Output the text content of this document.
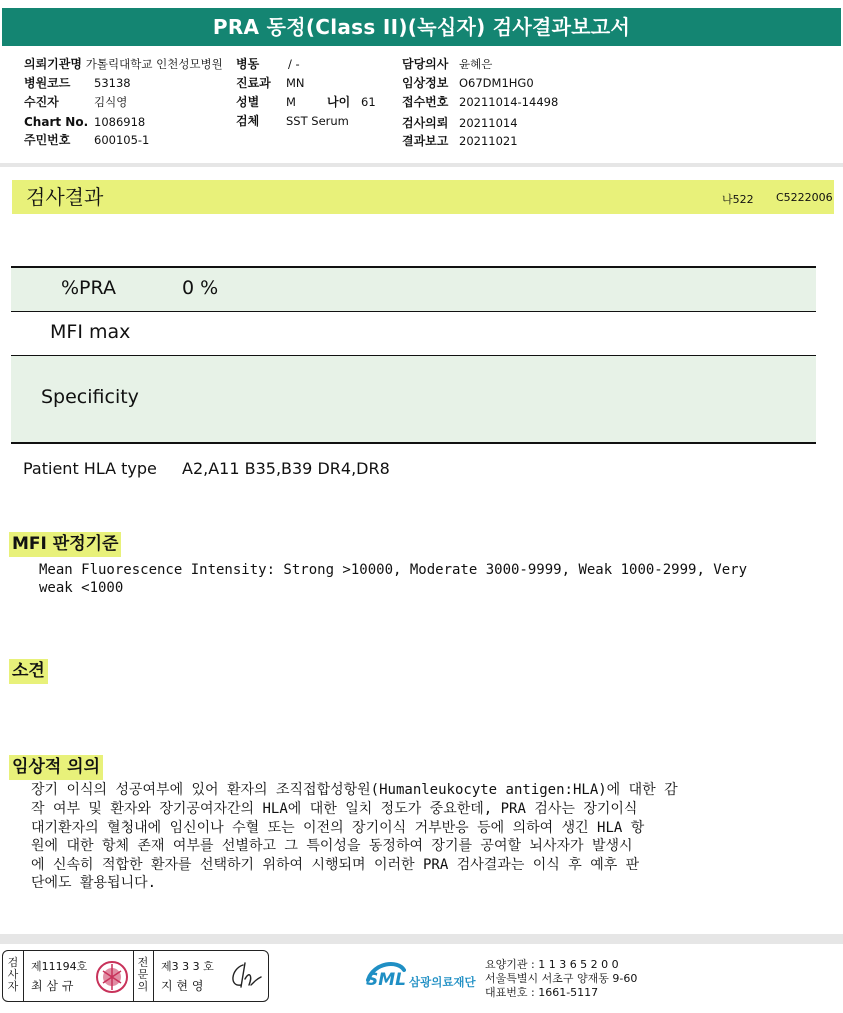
PRA 동정(Class II)(녹십자) 검사결과보고서
의뢰기관명 가톨릭대학교 인천성모병원
병원코드 53138
수진자	김식영
Chart No. 1086918
주민번호 600105-1
병동	/ -
진료과 MN
성별 M	나이 61
검체 SST Serum
담당의사 윤혜은
임상정보 O67DM1HG0
접수번호 20211014-14498
검사의뢰 20211014
결과보고 20211021
검사결과	나522 C5222006
%PRA	0 %
MFI max
Specificity
Patient HLA type A2,A11 B35,B39 DR4,DR8
MFI 판정기준
Mean Fluorescence Intensity: Strong >10000, Moderate 3000-9999, Weak 1000-2999, Very
weak <1000
소견
임상적 의의
장기 이식의 성공여부에 있어 환자의 조직접합성항원(Humanleukocyte antigen:HLA)에 대한 감
작 여부 및 환자와 장기공여자간의 HLA에 대한 일치 정도가 중요한데, PRA 검사는 장기이식
대기환자의 혈청내에 임신이나 수혈 또는 이전의 장기이식 거부반응 등에 의하여 생긴 HLA 항
원에 대한 항체 존재 여부를 선별하고 그 특이성을 동정하여 장기를 공여할 뇌사자가 발생시
에 신속히 적합한 환자를 선택하기 위하여 시행되며 이러한 PRA 검사결과는 이식 후 예후 판
단에도 활용됩니다.
검사자
제11194호
최 삼 규
전문의
제3 3 3 호
지 현 영	SML 삼광의료재단
요양기관 : 1 1 3 6 5 2 0 0
서울특별시 서초구 양재동 9-60
대표번호 : 1661-5117
